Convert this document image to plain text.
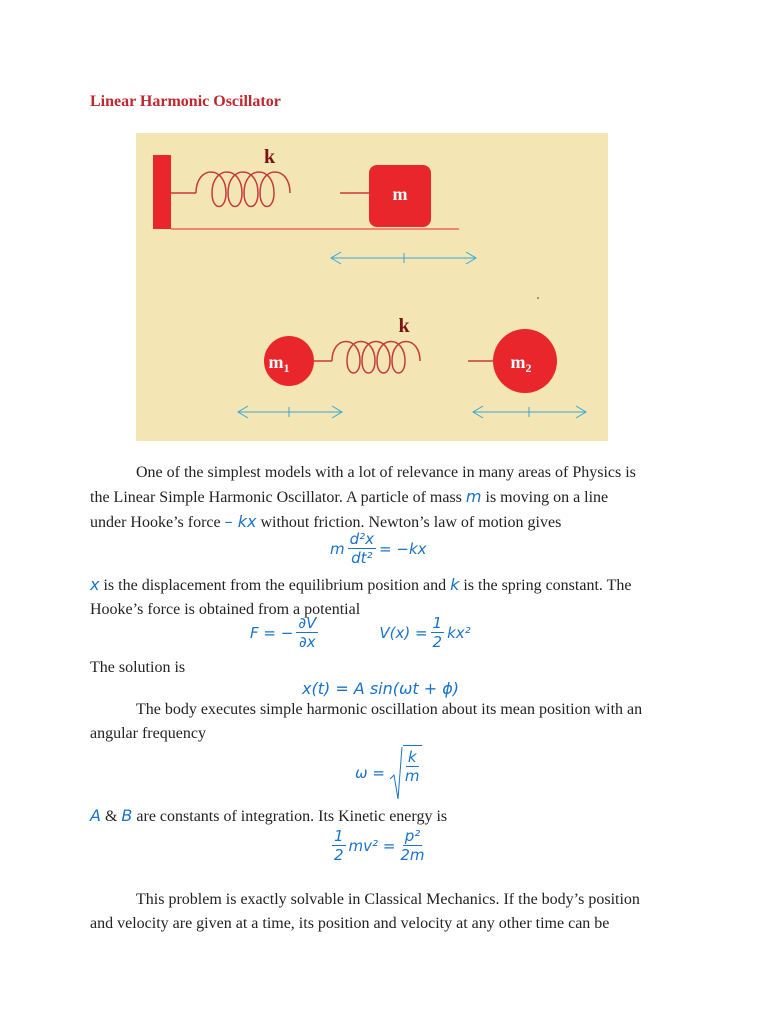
Linear Harmonic Oscillator
k
m
$m_1$
k
$m_2$
One of the simplest models with a lot of relevance in many areas of Physics is
the Linear Simple Harmonic Oscillator. A particle of mass m is moving on a line
under Hooke’s force – kx without friction. Newton’s law of motion gives
m $\frac{\text{d²x}}{\text{dt²}} = -kx$
x is the displacement from the equilibrium position and k is the spring constant. The
Hooke’s force is obtained from a potential
F = − $\frac{\partial V}{\partial x}$	$V(x) = \frac{1}{2} kx^2$
The solution is
x(t) = A sin(ωt + ϕ)
The body executes simple harmonic oscillation about its mean position with an
angular frequency
$\omega = \frac{k}{m}$
A & B are constants of integration. Its Kinetic energy is
$\frac{1}{2} mv^2 = \frac{\text{p²}}{2m}$
This problem is exactly solvable in Classical Mechanics. If the body’s position
and velocity are given at a time, its position and velocity at any other time can be
